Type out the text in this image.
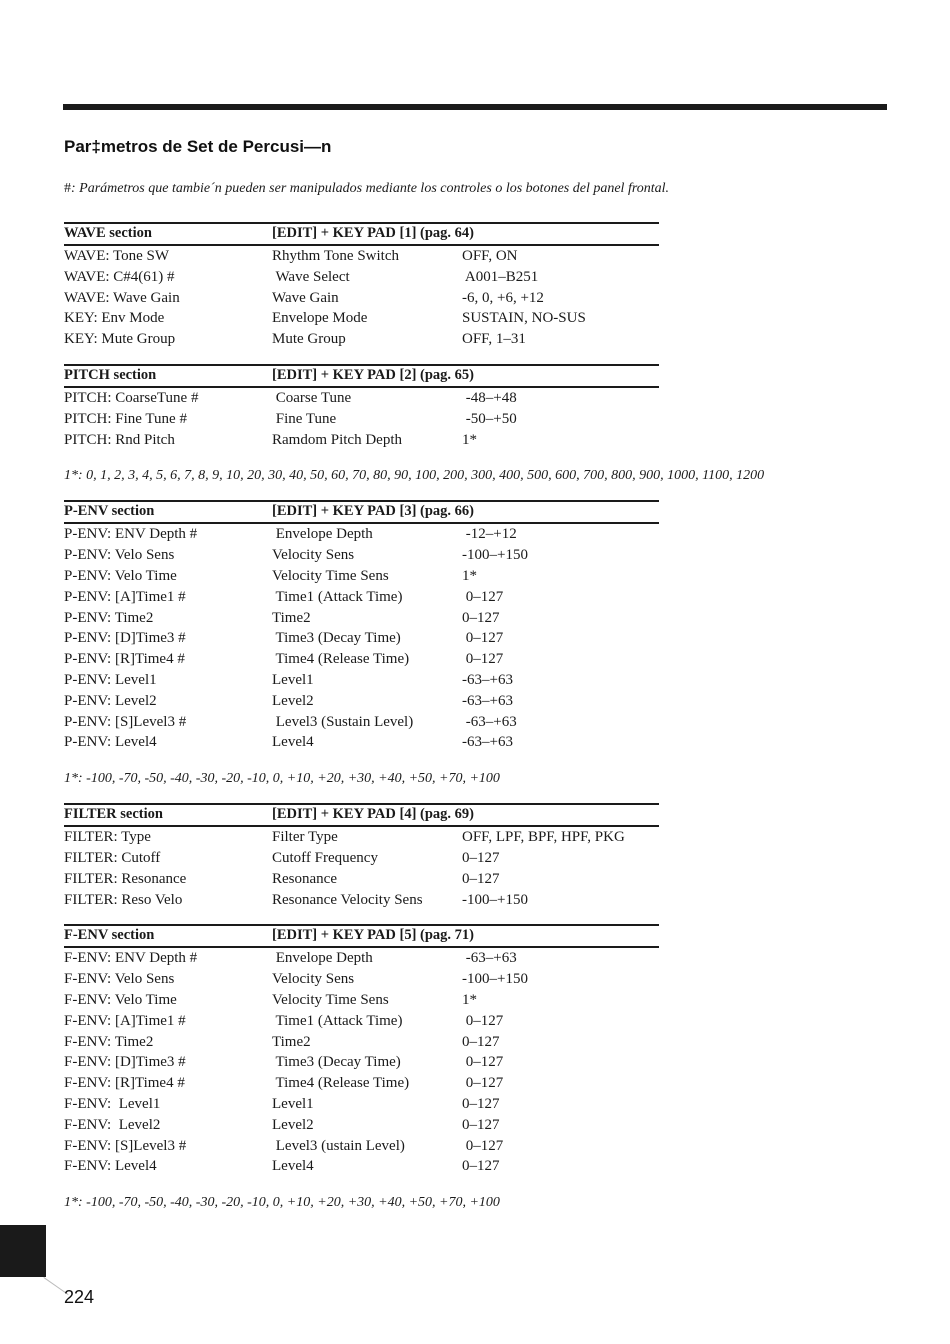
Par‡metros de Set de Percusi—n
#: Parámetros que tambie´n pueden ser manipulados mediante los controles o los botones del panel frontal.
WAVE section	[EDIT] + KEY PAD [1] (pag. 64)
WAVE: Tone SW	Rhythm Tone Switch	OFF, ON
WAVE: C#4(61) #	Wave Select	A001–B251
WAVE: Wave Gain	Wave Gain	-6, 0, +6, +12
KEY: Env Mode	Envelope Mode	SUSTAIN, NO-SUS
KEY: Mute Group	Mute Group	OFF, 1–31
PITCH section	[EDIT] + KEY PAD [2] (pag. 65)
PITCH: CoarseTune #	Coarse Tune	-48–+48
PITCH: Fine Tune #	Fine Tune	-50–+50
PITCH: Rnd Pitch	Ramdom Pitch Depth	1*
1*: 0, 1, 2, 3, 4, 5, 6, 7, 8, 9, 10, 20, 30, 40, 50, 60, 70, 80, 90, 100, 200, 300, 400, 500, 600, 700, 800, 900, 1000, 1100, 1200
P-ENV section	[EDIT] + KEY PAD [3] (pag. 66)
P-ENV: ENV Depth #	Envelope Depth	-12–+12
P-ENV: Velo Sens	Velocity Sens	-100–+150
P-ENV: Velo Time	Velocity Time Sens	1*
P-ENV: [A]Time1 #	Time1 (Attack Time)	0–127
P-ENV: Time2	Time2	0–127
P-ENV: [D]Time3 #	Time3 (Decay Time)	0–127
P-ENV: [R]Time4 #	Time4 (Release Time)	0–127
P-ENV: Level1	Level1	-63–+63
P-ENV: Level2	Level2	-63–+63
P-ENV: [S]Level3 #	Level3 (Sustain Level)	-63–+63
P-ENV: Level4	Level4	-63–+63
1*: -100, -70, -50, -40, -30, -20, -10, 0, +10, +20, +30, +40, +50, +70, +100
FILTER section	[EDIT] + KEY PAD [4] (pag. 69)
FILTER: Type	Filter Type	OFF, LPF, BPF, HPF, PKG
FILTER: Cutoff	Cutoff Frequency	0–127
FILTER: Resonance	Resonance	0–127
FILTER: Reso Velo	Resonance Velocity Sens	-100–+150
F-ENV section	[EDIT] + KEY PAD [5] (pag. 71)
F-ENV: ENV Depth #	Envelope Depth	-63–+63
F-ENV: Velo Sens	Velocity Sens	-100–+150
F-ENV: Velo Time	Velocity Time Sens	1*
F-ENV: [A]Time1 #	Time1 (Attack Time)	0–127
F-ENV: Time2	Time2	0–127
F-ENV: [D]Time3 #	Time3 (Decay Time)	0–127
F-ENV: [R]Time4 #	Time4 (Release Time)	0–127
F-ENV:  Level1	Level1	0–127
F-ENV:  Level2	Level2	0–127
F-ENV: [S]Level3 #	Level3 (ustain Level)	0–127
F-ENV: Level4	Level4	0–127
1*: -100, -70, -50, -40, -30, -20, -10, 0, +10, +20, +30, +40, +50, +70, +100
224
